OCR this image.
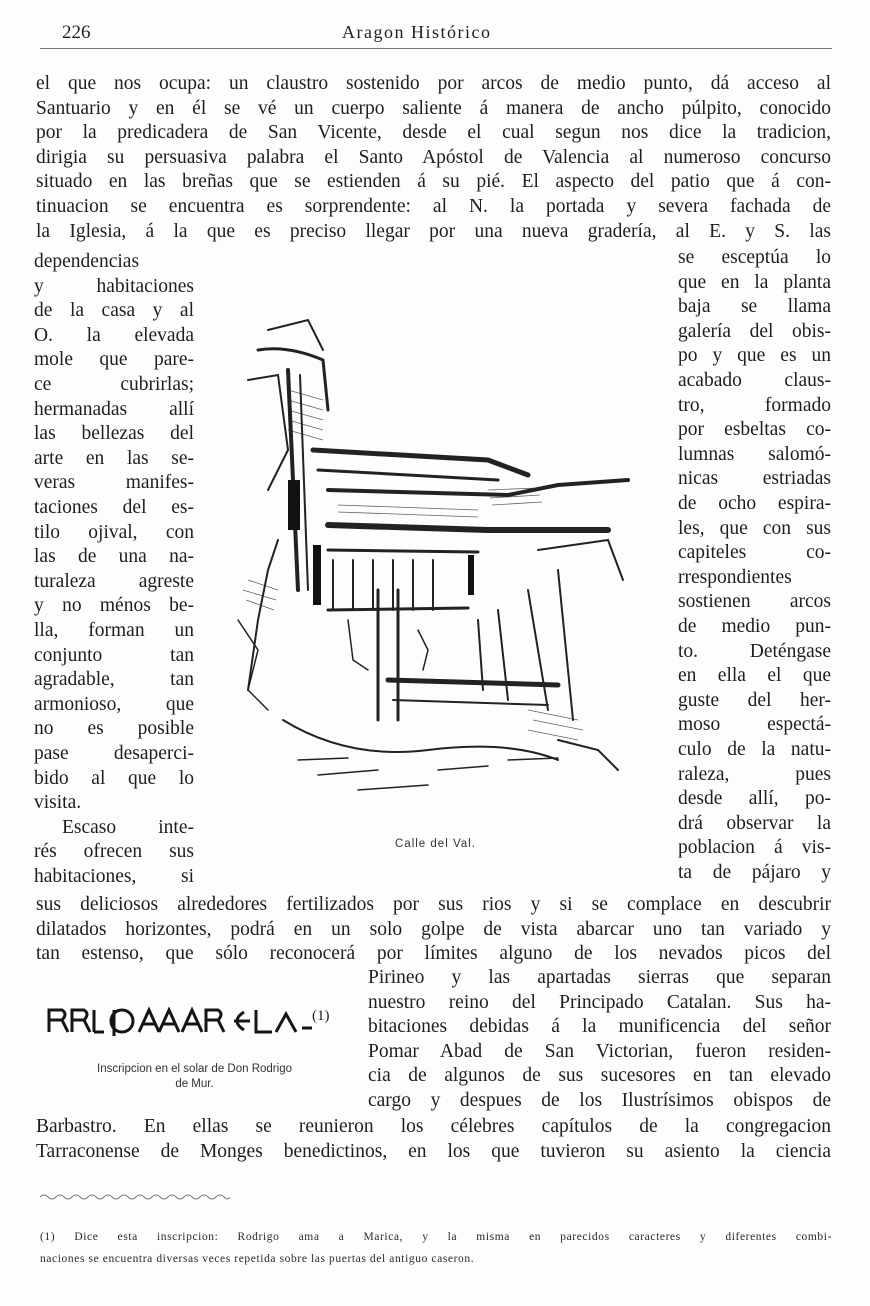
226	Aragon Histórico
el que nos ocupa: un claustro sostenido por arcos de medio punto, dá acceso al
Santuario y en él se vé un cuerpo saliente á manera de ancho púlpito, conocido
por la predicadera de San Vicente, desde el cual segun nos dice la tradicion,
dirigia su persuasiva palabra el Santo Apóstol de Valencia al numeroso concurso
situado en las breñas que se estienden á su pié. El aspecto del patio que á con-
tinuacion se encuentra es sorprendente: al N. la portada y severa fachada de
la Iglesia, á la que es preciso llegar por una nueva gradería, al E. y S. las
dependencias
y habitaciones
de la casa y al
O. la elevada
mole que pare-
ce cubrirlas;
hermanadas allí
las bellezas del
arte en las se-
veras manifes-
taciones del es-
tilo ojival, con
las de una na-
turaleza agreste
y no ménos be-
lla, forman un
conjunto tan
agradable, tan
armonioso, que
no es posible
pase desaperci-
bido al que lo
visita.
Escaso inte-
rés ofrecen sus
habitaciones, si
se esceptúa lo
que en la planta
baja se llama
galería del obis-
po y que es un
acabado claus-
tro, formado
por esbeltas co-
lumnas salomó-
nicas estriadas
de ocho espira-
les, que con sus
capiteles co-
rrespondientes
sostienen arcos
de medio pun-
to. Deténgase
en ella el que
guste del her-
moso espectá-
culo de la natu-
raleza, pues
desde allí, po-
drá observar la
poblacion á vis-
ta de pájaro y
sus deliciosos alrededores fertilizados por sus rios y si se complace en descubrir
dilatados horizontes, podrá en un solo golpe de vista abarcar uno tan variado y
tan estenso, que sólo reconocerá por límites alguno de los nevados picos del
Pirineo y las apartadas sierras que separan
nuestro reino del Principado Catalan. Sus ha-
bitaciones debidas á la munificencia del señor
Pomar Abad de San Victorian, fueron residen-
cia de algunos de sus sucesores en tan elevado
cargo y despues de los Ilustrísimos obispos de
Barbastro. En ellas se reunieron los célebres capítulos de la congregacion
Tarraconense de Monges benedictinos, en los que tuvieron su asiento la ciencia
Calle del Val.
(1)
Inscripcion en el solar de Don Rodrigo
de Mur.
(1) Dice esta inscripcion: Rodrigo ama a Marica, y la misma en parecidos caracteres y diferentes combi-
naciones se encuentra diversas veces repetida sobre las puertas del antiguo caseron.
